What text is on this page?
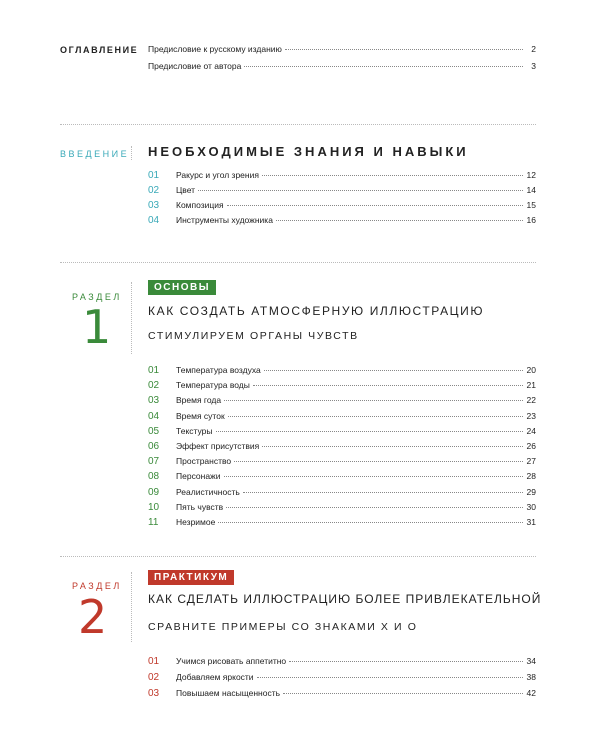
ОГЛАВЛЕНИЕ Предисловие к русскому изданию	2
Предисловие от автора	3
ВВЕДЕНИЕ НЕОБХОДИМЫЕ ЗНАНИЯ И НАВЫКИ
01	Ракурс и угол зрения	12
02	Цвет	14
03	Композиция	15
04	Инструменты художника	16
РАЗДЕЛ
1
ОСНОВЫ
КАК СОЗДАТЬ АТМОСФЕРНУЮ ИЛЛЮСТРАЦИЮ
СТИМУЛИРУЕМ ОРГАНЫ ЧУВСТВ
01	Температура воздуха	20
02	Температура воды	21
03	Время года	22
04	Время суток	23
05	Текстуры	24
06	Эффект присутствия	26
07	Пространство	27
08	Персонажи	28
09	Реалистичность	29
10	Пять чувств	30
11	Незримое	31
РАЗДЕЛ
2
ПРАКТИКУМ
КАК СДЕЛАТЬ ИЛЛЮСТРАЦИЮ БОЛЕЕ ПРИВЛЕКАТЕЛЬНОЙ
СРАВНИТЕ ПРИМЕРЫ СО ЗНАКАМИ X И O
01	Учимся рисовать аппетитно	34
02	Добавляем яркости	38
03	Повышаем насыщенность	42
